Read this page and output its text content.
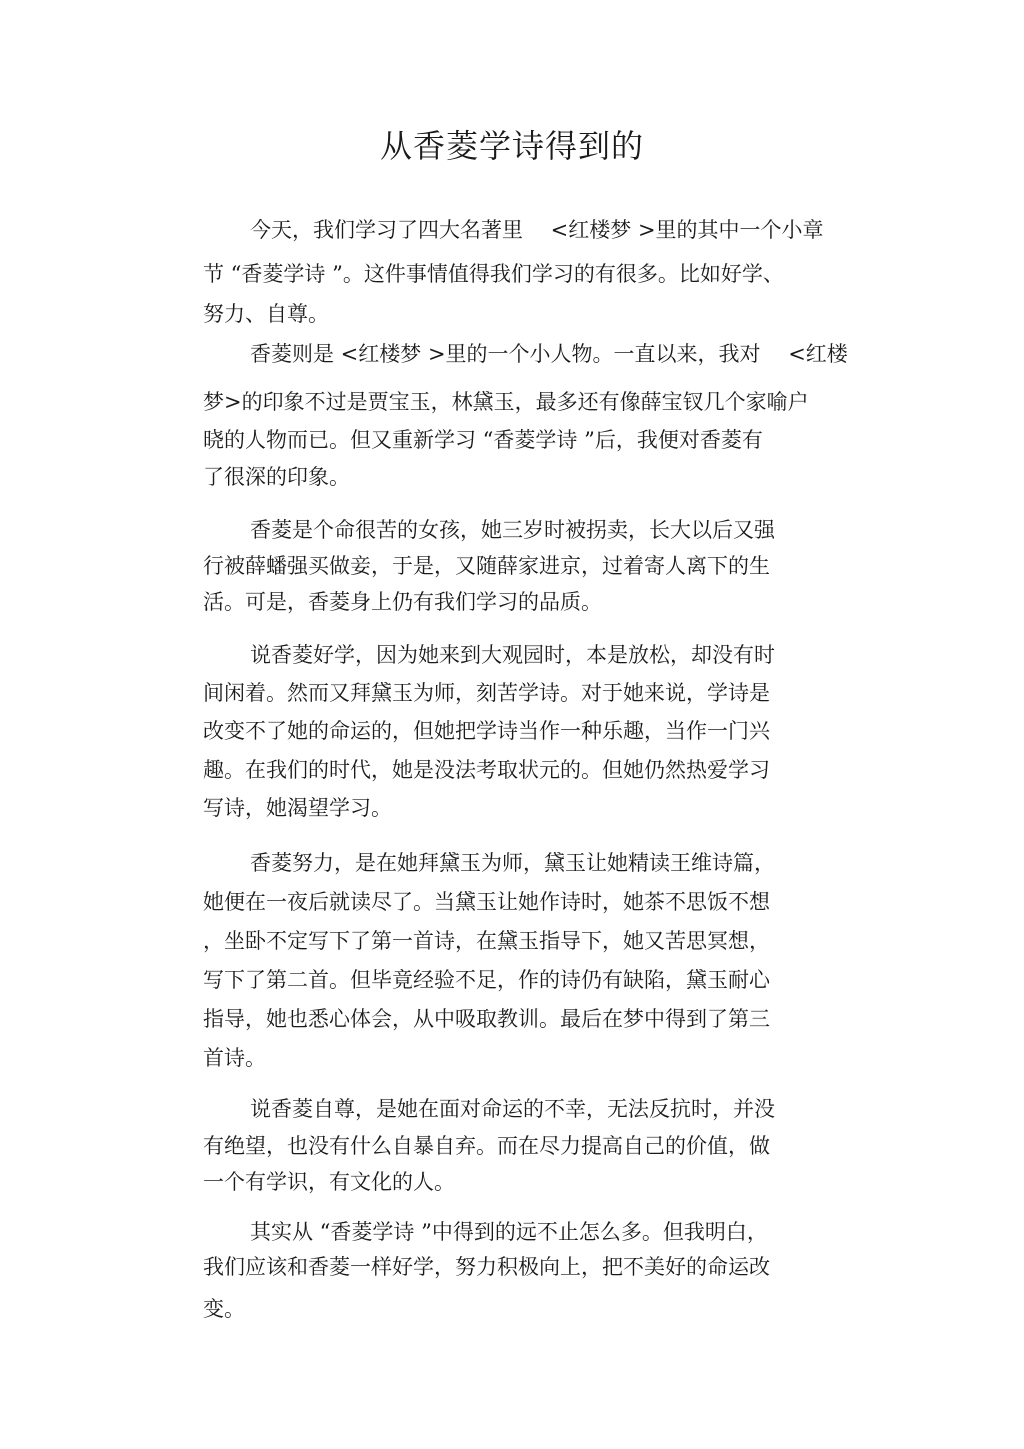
从香菱学诗得到的

今天，我们学习了四大名著里　 <红楼梦 >里的其中一个小章

节 “香菱学诗 ”。这件事情值得我们学习的有很多。比如好学、

努力、自尊。

香菱则是 <红楼梦 >里的一个小人物。一直以来，我对　 <红楼

梦>的印象不过是贾宝玉，林黛玉，最多还有像薛宝钗几个家喻户

晓的人物而已。但又重新学习 “香菱学诗 ”后，我便对香菱有

了很深的印象。

香菱是个命很苦的女孩，她三岁时被拐卖，长大以后又强

行被薛蟠强买做妾，于是，又随薛家进京，过着寄人离下的生

活。可是，香菱身上仍有我们学习的品质。

说香菱好学，因为她来到大观园时，本是放松，却没有时

间闲着。然而又拜黛玉为师，刻苦学诗。对于她来说，学诗是

改变不了她的命运的，但她把学诗当作一种乐趣，当作一门兴

趣。在我们的时代，她是没法考取状元的。但她仍然热爱学习

写诗，她渴望学习。

香菱努力，是在她拜黛玉为师，黛玉让她精读王维诗篇，

她便在一夜后就读尽了。当黛玉让她作诗时，她茶不思饭不想

，坐卧不定写下了第一首诗，在黛玉指导下，她又苦思冥想，

写下了第二首。但毕竟经验不足，作的诗仍有缺陷，黛玉耐心

指导，她也悉心体会，从中吸取教训。最后在梦中得到了第三

首诗。

说香菱自尊，是她在面对命运的不幸，无法反抗时，并没

有绝望，也没有什么自暴自弃。而在尽力提高自己的价值，做

一个有学识，有文化的人。

其实从 “香菱学诗 ”中得到的远不止怎么多。但我明白，

我们应该和香菱一样好学，努力积极向上，把不美好的命运改

变。
